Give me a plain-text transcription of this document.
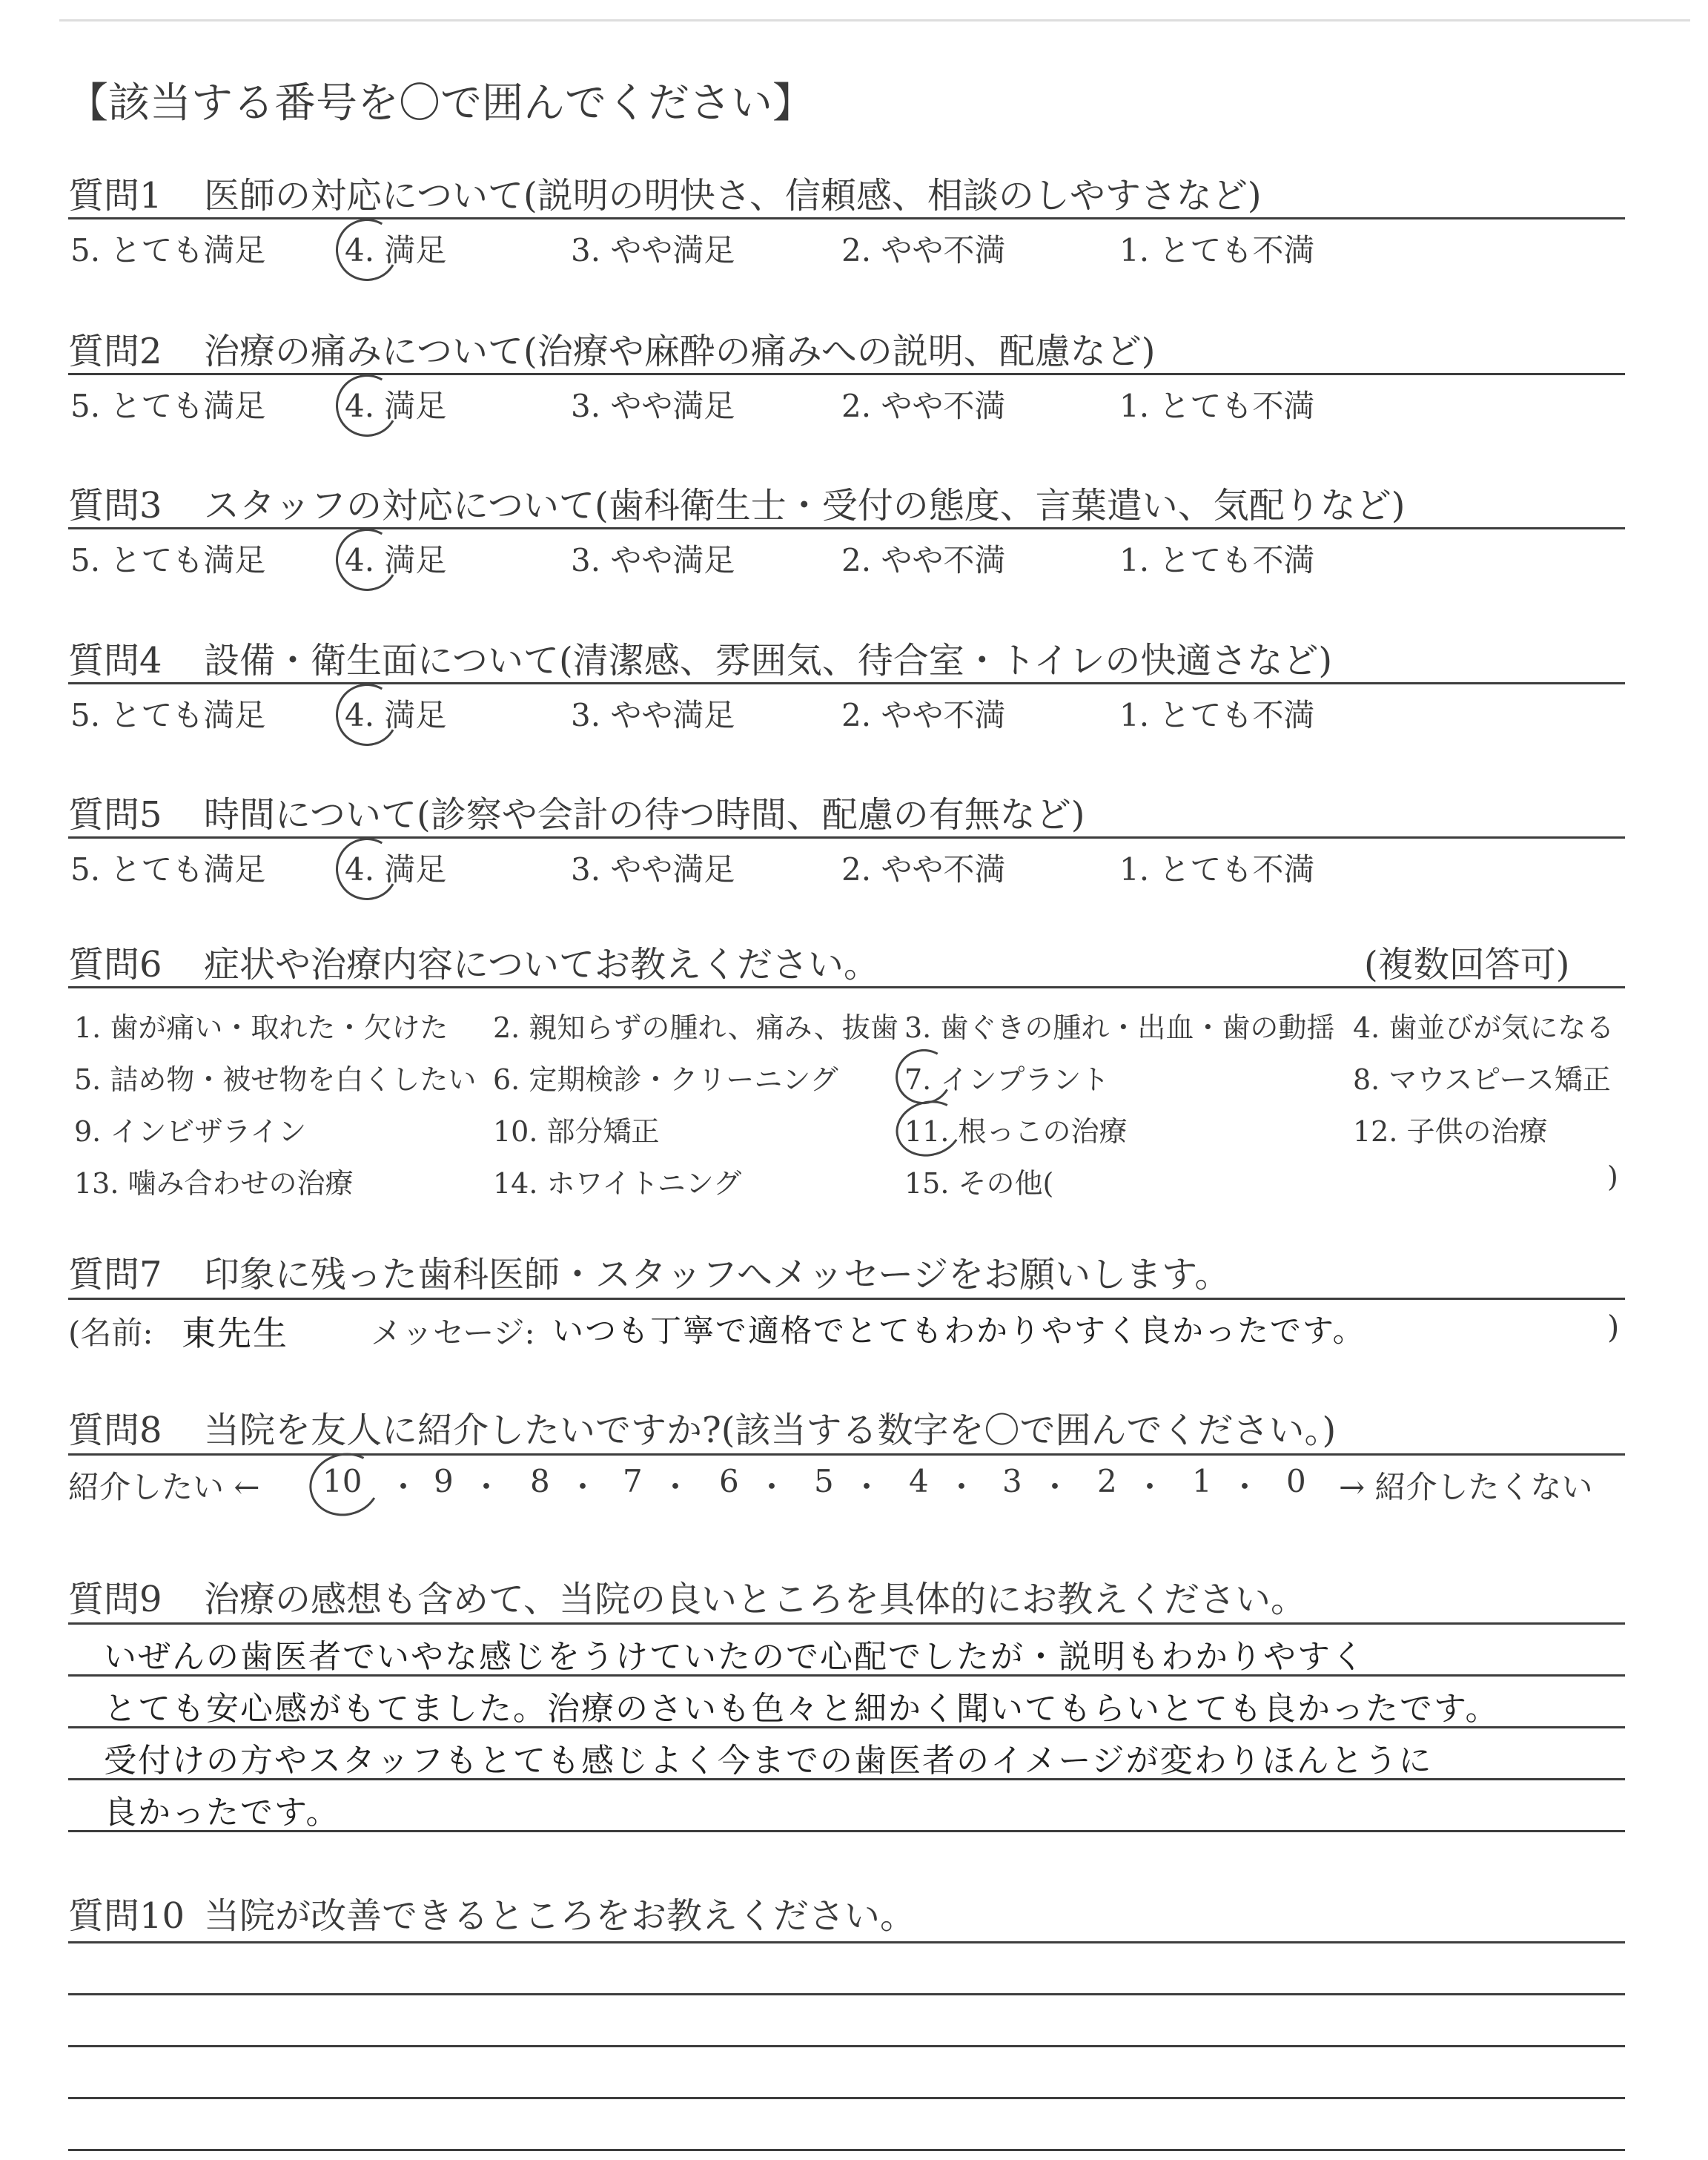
【該当する番号を〇で囲んでください】
質問1 医師の対応について(説明の明快さ、信頼感、相談のしやすさなど)
5. とても満足	4. 満足	3. やや満足	2. やや不満	1. とても不満
質問2 治療の痛みについて(治療や麻酔の痛みへの説明、配慮など)
5. とても満足	4. 満足	3. やや満足	2. やや不満	1. とても不満
質問3 スタッフの対応について(歯科衛生士・受付の態度、言葉遣い、気配りなど)
5. とても満足	4. 満足	3. やや満足	2. やや不満	1. とても不満
質問4 設備・衛生面について(清潔感、雰囲気、待合室・トイレの快適さなど)
5. とても満足	4. 満足	3. やや満足	2. やや不満	1. とても不満
質問5 時間について(診察や会計の待つ時間、配慮の有無など)
5. とても満足	4. 満足	3. やや満足	2. やや不満	1. とても不満
質問6 症状や治療内容についてお教えください。	(複数回答可)
1. 歯が痛い・取れた・欠けた 2. 親知らずの腫れ、痛み、抜歯 3. 歯ぐきの腫れ・出血・歯の動揺 4. 歯並びが気になる
5. 詰め物・被せ物を白くしたい 6. 定期検診・クリーニング 7. インプラント	8. マウスピース矯正
9. インビザライン	10. 部分矯正	11. 根っこの治療	12. 子供の治療
13. 噛み合わせの治療	14. ホワイトニング	15. その他(	)
質問7 印象に残った歯科医師・スタッフへメッセージをお願いします。
(名前: 東先生	メッセージ: いつも丁寧で適格でとてもわかりやすく良かったです。	)
質問8 当院を友人に紹介したいですか?(該当する数字を〇で囲んでください。)
紹介したい ←	→ 紹介したくない
10 ・ 9 ・ 8 ・ 7 ・ 6 ・ 5 ・ 4 ・ 3 ・ 2 ・ 1 ・ 0
質問9 治療の感想も含めて、当院の良いところを具体的にお教えください。
いぜんの歯医者でいやな感じをうけていたので心配でしたが・説明もわかりやすく
とても安心感がもてました。治療のさいも色々と細かく聞いてもらいとても良かったです。
受付けの方やスタッフもとても感じよく今までの歯医者のイメージが変わりほんとうに
良かったです。
質問10 当院が改善できるところをお教えください。
